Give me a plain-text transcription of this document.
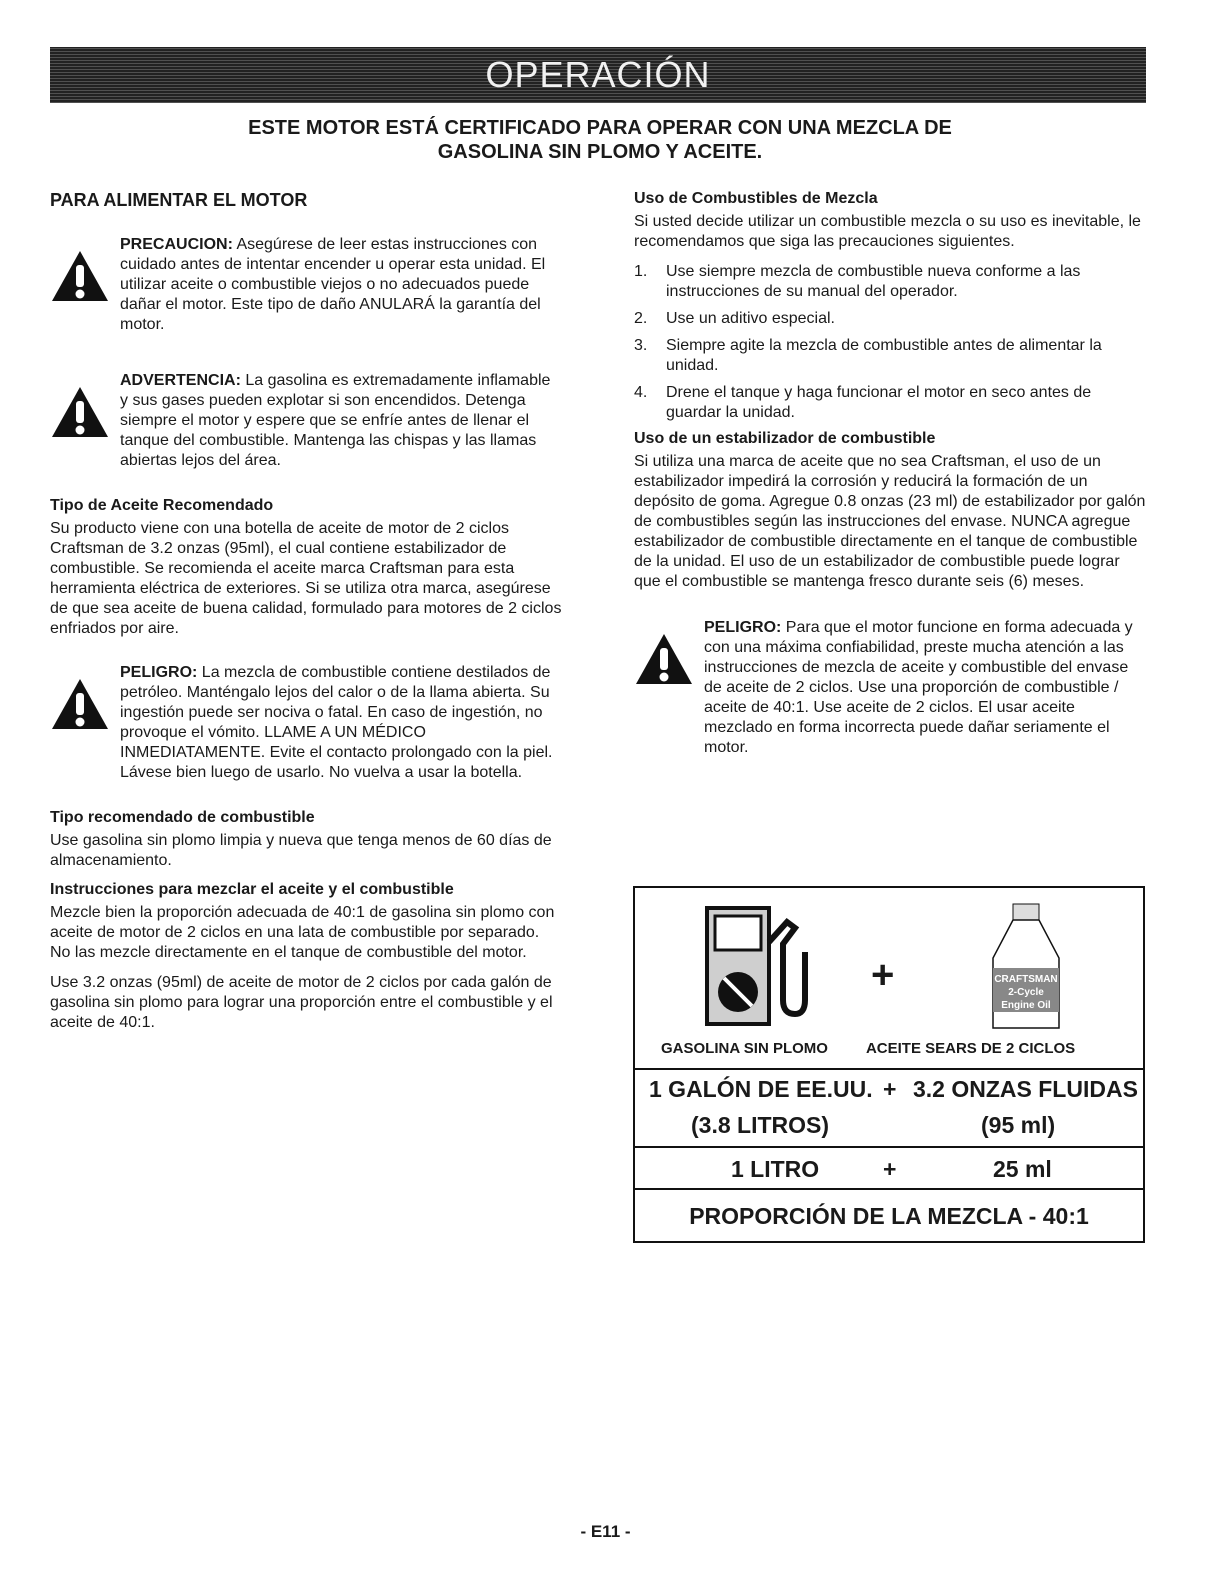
OPERACIÓN
ESTE MOTOR ESTÁ CERTIFICADO PARA OPERAR CON UNA MEZCLA DE
GASOLINA SIN PLOMO Y ACEITE.
PARA ALIMENTAR EL MOTOR
PRECAUCION: Asegúrese de leer estas instrucciones con cuidado antes de intentar encender u operar esta unidad. El utilizar aceite o combustible viejos o no adecuados puede dañar el motor. Este tipo de daño ANULARÁ la garantía del motor.
ADVERTENCIA: La gasolina es extremadamente inflamable y sus gases pueden explotar si son encendidos. Detenga siempre el motor y espere que se enfríe antes de llenar el tanque del combustible. Mantenga las chispas y las llamas abiertas lejos del área.
Tipo de Aceite Recomendado

Su producto viene con una botella de aceite de motor de 2 ciclos Craftsman de 3.2 onzas (95ml), el cual contiene estabilizador de combustible. Se recomienda el aceite marca Craftsman para esta herramienta eléctrica de exteriores. Si se utiliza otra marca, asegúrese de que sea aceite de buena calidad, formulado para motores de 2 ciclos enfriados por aire.

PELIGRO: La mezcla de combustible contiene destilados de petróleo. Manténgalo lejos del calor o de la llama abierta. Su ingestión puede ser nociva o fatal. En caso de ingestión, no provoque el vómito. LLAME A UN MÉDICO INMEDIATAMENTE. Evite el contacto prolongado con la piel. Lávese bien luego de usarlo. No vuelva a usar la botella.
Tipo recomendado de combustible

Use gasolina sin plomo limpia y nueva que tenga menos de 60 días de almacenamiento.

Instrucciones para mezclar el aceite y el combustible

Mezcle bien la proporción adecuada de 40:1 de gasolina sin plomo con aceite de motor de 2 ciclos en una lata de combustible por separado. No las mezcle directamente en el tanque de combustible del motor.

Use 3.2 onzas (95ml) de aceite de motor de 2 ciclos por cada galón de gasolina sin plomo para lograr una proporción entre el combustible y el aceite de 40:1.

Uso de Combustibles de Mezcla

Si usted decide utilizar un combustible mezcla o su uso es inevitable, le recomendamos que siga las precauciones siguientes.

1.	Use siempre mezcla de combustible nueva conforme a las instrucciones de su manual del operador.
2.	Use un aditivo especial.
3.	Siempre agite la mezcla de combustible antes de alimentar la unidad.
4.	Drene el tanque y haga funcionar el motor en seco antes de guardar la unidad.
Uso de un estabilizador de combustible

Si utiliza una marca de aceite que no sea Craftsman, el uso de un estabilizador impedirá la corrosión y reducirá la formación de un depósito de goma. Agregue 0.8 onzas (23 ml) de estabilizador por galón de combustibles según las instrucciones del envase. NUNCA agregue estabilizador de combustible directamente en el tanque de combustible de la unidad. El uso de un estabilizador de combustible puede lograr que el combustible se mantenga fresco durante seis (6) meses.

PELIGRO: Para que el motor funcione en forma adecuada y con una máxima confiabilidad, preste mucha atención a las instrucciones de mezcla de aceite y combustible del envase de aceite de 2 ciclos. Use una proporción de combustible / aceite de 40:1. Use aceite de 2 ciclos. El usar aceite mezclado en forma incorrecta puede dañar seriamente el motor.
+	CRAFTSMAN
2-Cycle
Engine Oil
GASOLINA SIN PLOMO	ACEITE SEARS DE 2 CICLOS
1 GALÓN DE EE.UU. + 3.2 ONZAS FLUIDAS
(3.8 LITROS)	(95 ml)
1 LITRO	+	25 ml
PROPORCIÓN DE LA MEZCLA - 40:1
- E11 -
